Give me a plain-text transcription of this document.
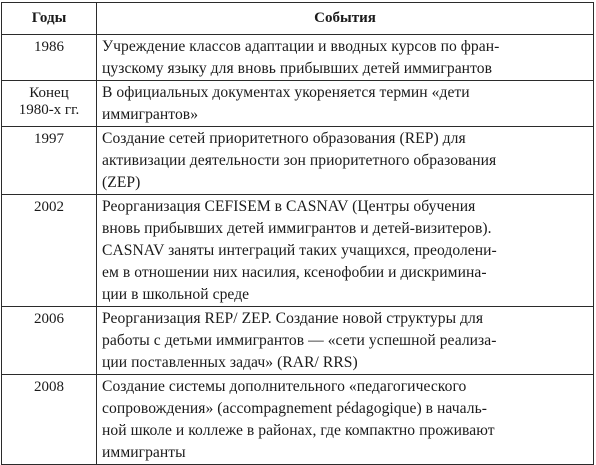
Годы	События

1986	Учреждение классов адаптации и вводных курсов по фран-
цузскому языку для вновь прибывших детей иммигрантов

Конец
1980-х гг.	В официальных документах укореняется термин «дети
иммигрантов»

1997	Создание сетей приоритетного образования (REP) для
активизации деятельности зон приоритетного образования
(ZEP)

2002	Реорганизация CEFISEM в CASNAV (Центры обучения
вновь прибывших детей иммигрантов и детей-визитеров).
CASNAV заняты интеграций таких учащихся, преодолени-
ем в отношении них насилия, ксенофобии и дискримина-
ции в школьной среде

2006	Реорганизация REP/ ZEP. Создание новой структуры для
работы с детьми иммигрантов — «сети успешной реализа-
ции поставленных задач» (RAR/ RRS)

2008	Создание системы дополнительного «педагогического
сопровождения» (accompagnement pédagogique) в началь-
ной школе и коллеже в районах, где компактно проживают
иммигранты
